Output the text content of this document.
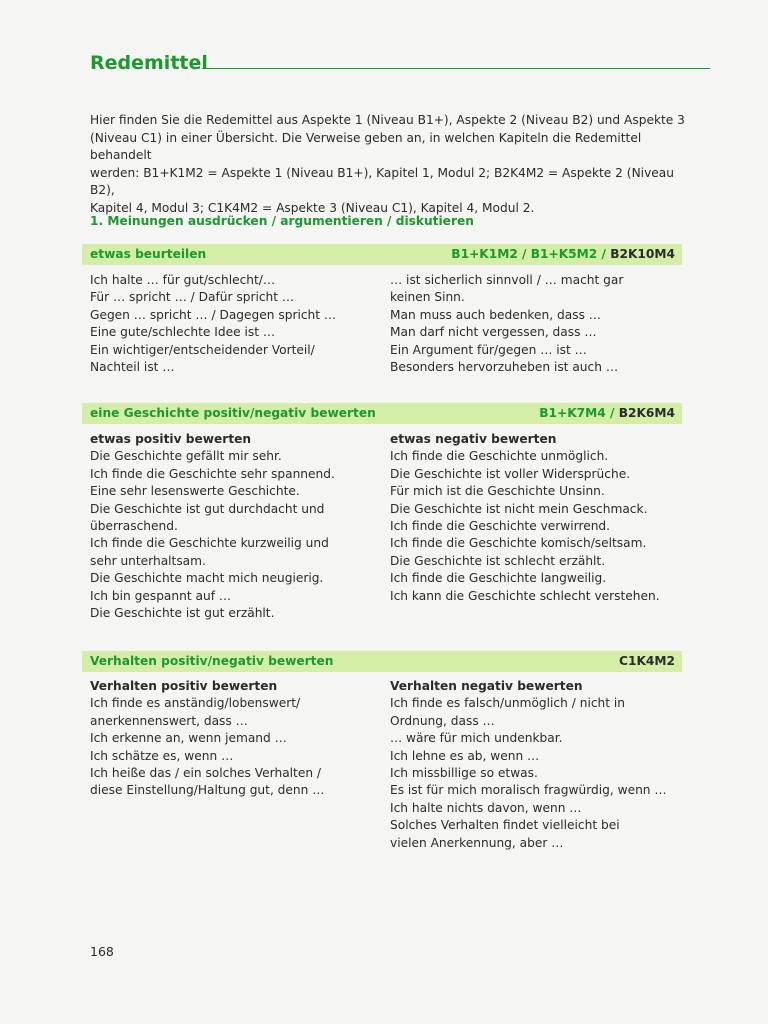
Redemittel
Hier finden Sie die Redemittel aus Aspekte 1 (Niveau B1+), Aspekte 2 (Niveau B2) und Aspekte 3
(Niveau C1) in einer Übersicht. Die Verweise geben an, in welchen Kapiteln die Redemittel behandelt
werden: B1+K1M2 = Aspekte 1 (Niveau B1+), Kapitel 1, Modul 2; B2K4M2 = Aspekte 2 (Niveau B2),
Kapitel 4, Modul 3; C1K4M2 = Aspekte 3 (Niveau C1), Kapitel 4, Modul 2.
1. Meinungen ausdrücken / argumentieren / diskutieren
etwas beurteilen	B1+K1M2 / B1+K5M2 / B2K10M4
Ich halte … für gut/schlecht/…
Für … spricht … / Dafür spricht …
Gegen … spricht … / Dagegen spricht …
Eine gute/schlechte Idee ist …
Ein wichtiger/entscheidender Vorteil/
Nachteil ist …
… ist sicherlich sinnvoll / … macht gar
keinen Sinn.
Man muss auch bedenken, dass …
Man darf nicht vergessen, dass …
Ein Argument für/gegen … ist …
Besonders hervorzuheben ist auch …
eine Geschichte positiv/negativ bewerten	B1+K7M4 / B2K6M4
etwas positiv bewerten
Die Geschichte gefällt mir sehr.
Ich finde die Geschichte sehr spannend.
Eine sehr lesenswerte Geschichte.
Die Geschichte ist gut durchdacht und
überraschend.
Ich finde die Geschichte kurzweilig und
sehr unterhaltsam.
Die Geschichte macht mich neugierig.
Ich bin gespannt auf …
Die Geschichte ist gut erzählt.
etwas negativ bewerten
Ich finde die Geschichte unmöglich.
Die Geschichte ist voller Widersprüche.
Für mich ist die Geschichte Unsinn.
Die Geschichte ist nicht mein Geschmack.
Ich finde die Geschichte verwirrend.
Ich finde die Geschichte komisch/seltsam.
Die Geschichte ist schlecht erzählt.
Ich finde die Geschichte langweilig.
Ich kann die Geschichte schlecht verstehen.
Verhalten positiv/negativ bewerten	C1K4M2
Verhalten positiv bewerten
Ich finde es anständig/lobenswert/
anerkennenswert, dass …
Ich erkenne an, wenn jemand …
Ich schätze es, wenn …
Ich heiße das / ein solches Verhalten /
diese Einstellung/Haltung gut, denn …
Verhalten negativ bewerten
Ich finde es falsch/unmöglich / nicht in
Ordnung, dass …
… wäre für mich undenkbar.
Ich lehne es ab, wenn …
Ich missbillige so etwas.
Es ist für mich moralisch fragwürdig, wenn …
Ich halte nichts davon, wenn …
Solches Verhalten findet vielleicht bei
vielen Anerkennung, aber …
168
